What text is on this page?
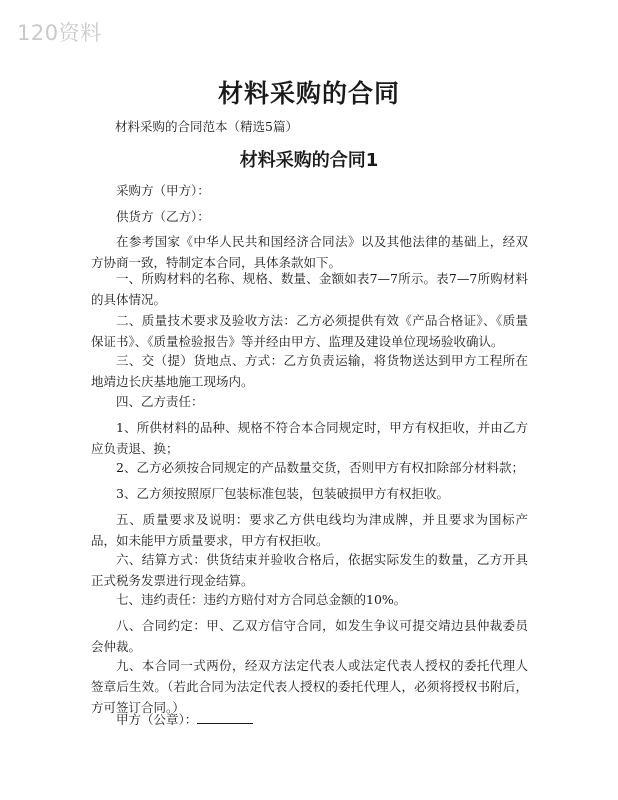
120资料
材料采购的合同
材料采购的合同范本（精选5篇）
材料采购的合同1
采购方（甲方）：
供货方（乙方）：
在参考国家《中华人民共和国经济合同法》以及其他法律的基础上，经双方协商一致，特制定本合同，具体条款如下。
一、所购材料的名称、规格、数量、金额如表7—7所示。表7—7所购材料的具体情况。
二、质量技术要求及验收方法：乙方必须提供有效《产品合格证》、《质量保证书》、《质量检验报告》等并经由甲方、监理及建设单位现场验收确认。
三、交（提）货地点、方式：乙方负责运输，将货物送达到甲方工程所在地靖边长庆基地施工现场内。
四、乙方责任：
1、所供材料的品种、规格不符合本合同规定时，甲方有权拒收，并由乙方应负责退、换；
2、乙方必须按合同规定的产品数量交货，否则甲方有权扣除部分材料款；
3、乙方须按照原厂包装标准包装，包装破损甲方有权拒收。
五、质量要求及说明：要求乙方供电线均为津成牌，并且要求为国标产品，如未能甲方质量要求，甲方有权拒收。
六、结算方式：供货结束并验收合格后，依据实际发生的数量，乙方开具正式税务发票进行现金结算。
七、违约责任：违约方赔付对方合同总金额的10%。
八、合同约定：甲、乙双方信守合同，如发生争议可提交靖边县仲裁委员会仲裁。
九、本合同一式两份，经双方法定代表人或法定代表人授权的委托代理人签章后生效。（若此合同为法定代表人授权的委托代理人，必须将授权书附后，方可签订合同。）
甲方（公章）：
